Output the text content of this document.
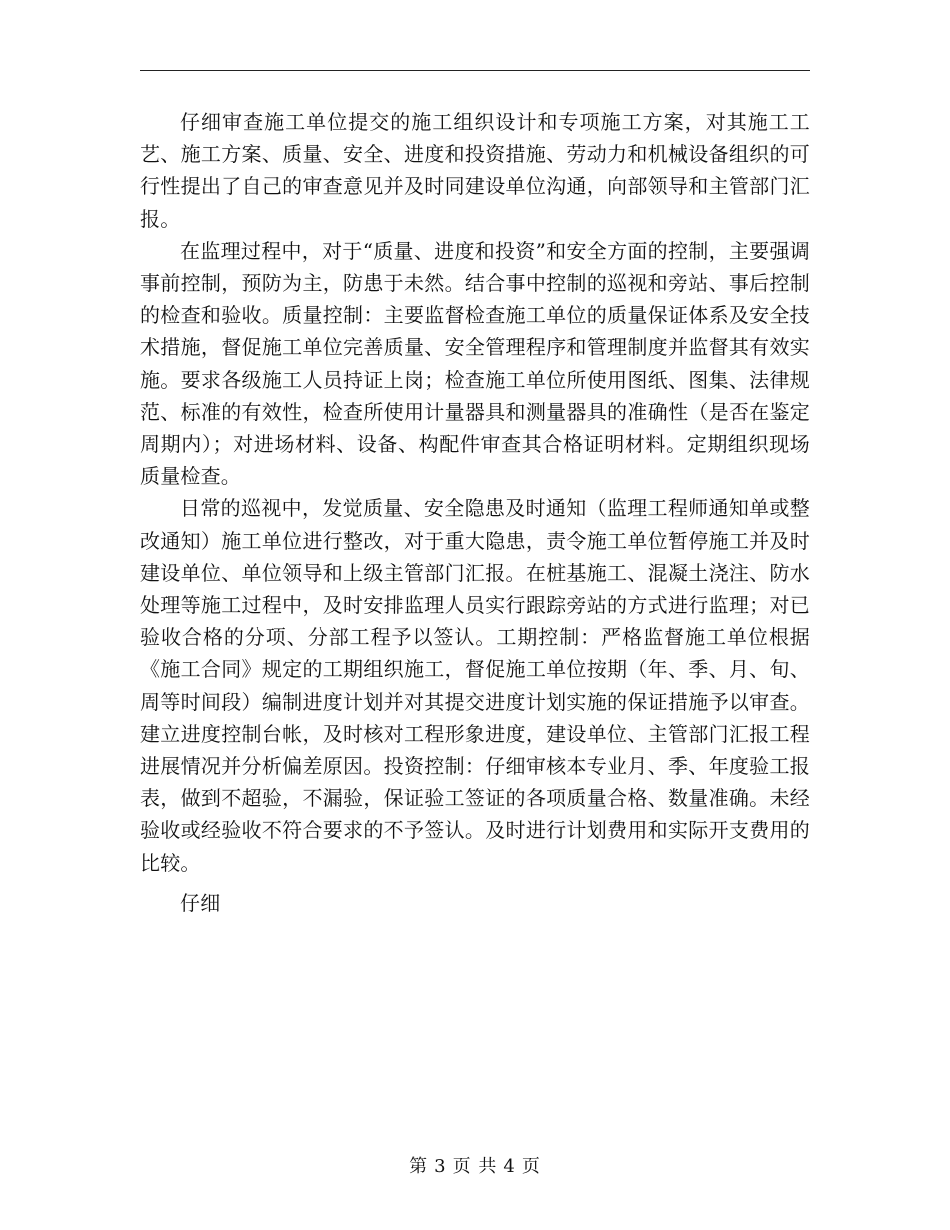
仔细审查施工单位提交的施工组织设计和专项施工方案，对其施工工艺、施工方案、质量、安全、进度和投资措施、劳动力和机械设备组织的可行性提出了自己的审查意见并及时同建设单位沟通，向部领导和主管部门汇报。

在监理过程中，对于“质量、进度和投资”和安全方面的控制，主要强调事前控制，预防为主，防患于未然。结合事中控制的巡视和旁站、事后控制的检查和验收。质量控制：主要监督检查施工单位的质量保证体系及安全技术措施，督促施工单位完善质量、安全管理程序和管理制度并监督其有效实施。要求各级施工人员持证上岗；检查施工单位所使用图纸、图集、法律规范、标准的有效性，检查所使用计量器具和测量器具的准确性（是否在鉴定周期内）；对进场材料、设备、构配件审查其合格证明材料。定期组织现场质量检查。

日常的巡视中，发觉质量、安全隐患及时通知（监理工程师通知单或整改通知）施工单位进行整改，对于重大隐患，责令施工单位暂停施工并及时建设单位、单位领导和上级主管部门汇报。在桩基施工、混凝土浇注、防水处理等施工过程中，及时安排监理人员实行跟踪旁站的方式进行监理；对已验收合格的分项、分部工程予以签认。工期控制：严格监督施工单位根据《施工合同》规定的工期组织施工，督促施工单位按期（年、季、月、旬、周等时间段）编制进度计划并对其提交进度计划实施的保证措施予以审查。建立进度控制台帐，及时核对工程形象进度，建设单位、主管部门汇报工程进展情况并分析偏差原因。投资控制：仔细审核本专业月、季、年度验工报表，做到不超验，不漏验，保证验工签证的各项质量合格、数量准确。未经验收或经验收不符合要求的不予签认。及时进行计划费用和实际开支费用的比较。

仔细

第 3 页 共 4 页
